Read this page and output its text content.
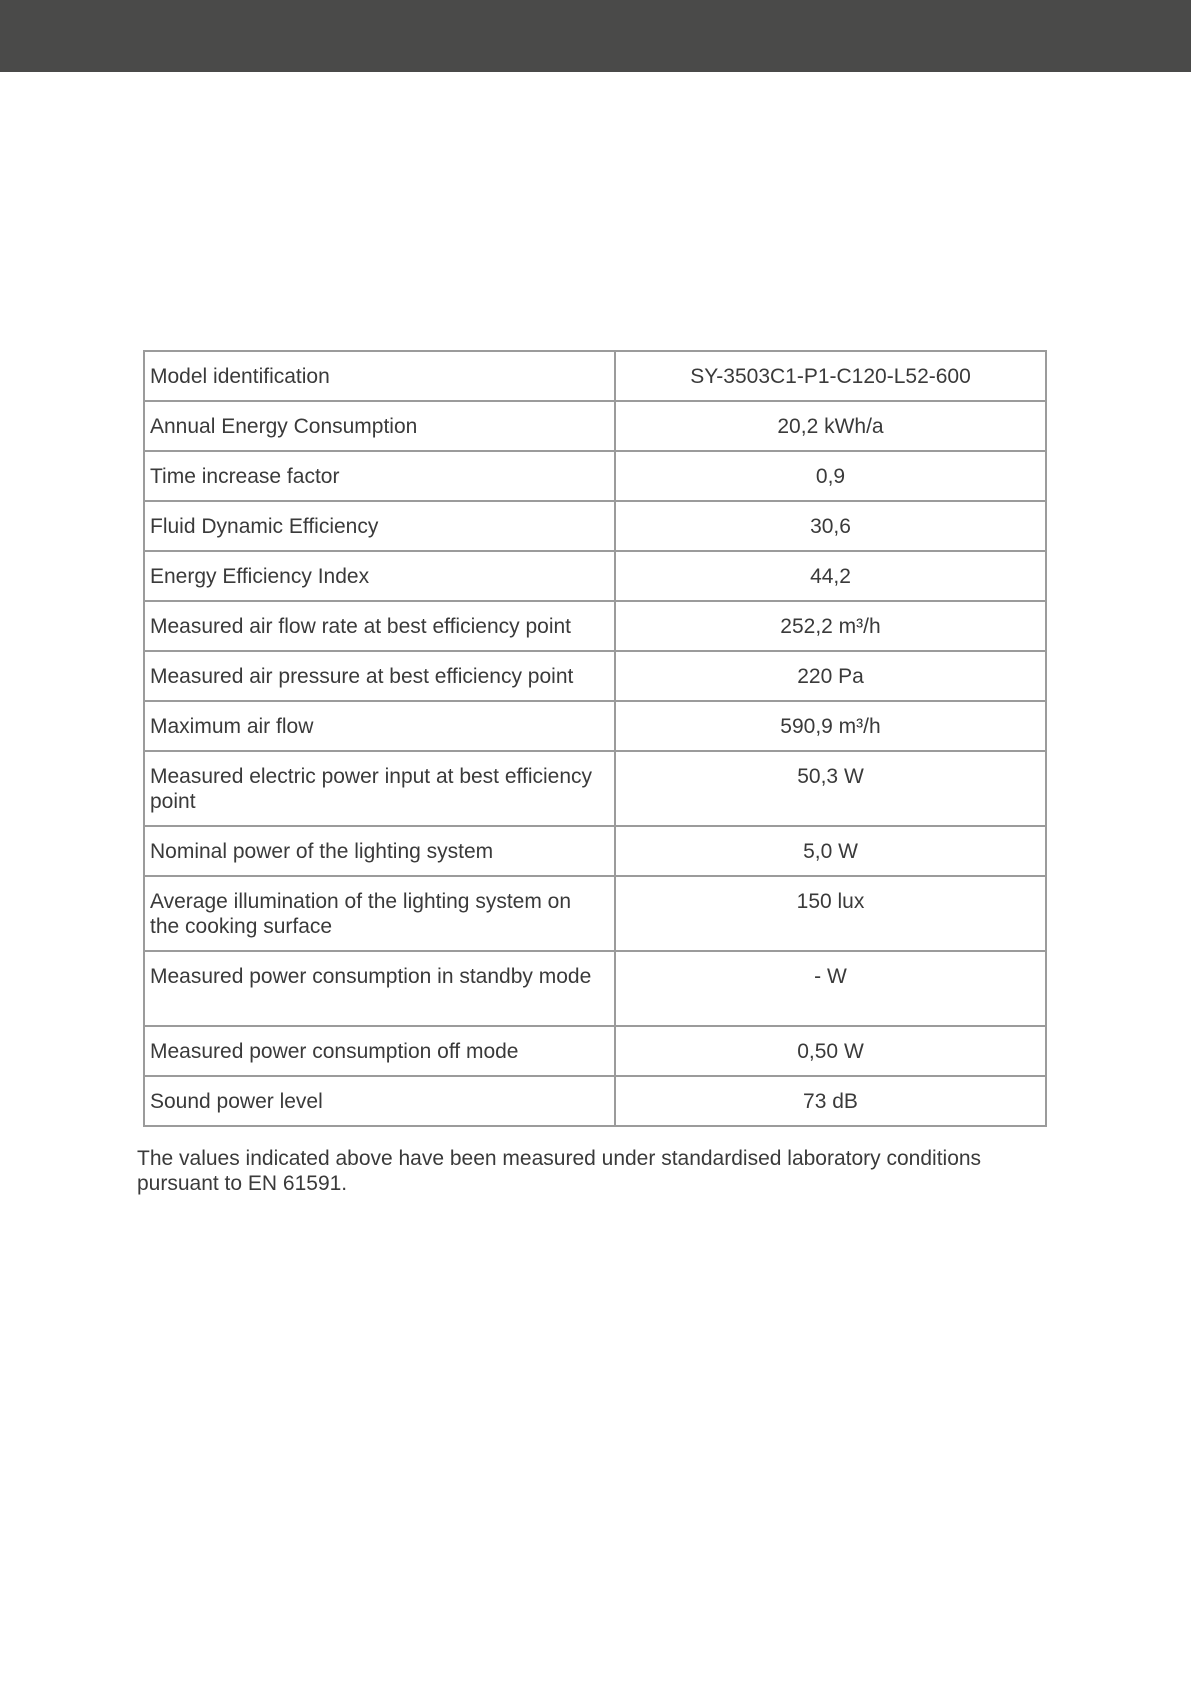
Model identification	SY-3503C1-P1-C120-L52-600
Annual Energy Consumption	20,2 kWh/a
Time increase factor	0,9
Fluid Dynamic Efficiency	30,6
Energy Efficiency Index	44,2
Measured air flow rate at best efficiency point	252,2 m³/h
Measured air pressure at best efficiency point	220 Pa
Maximum air flow	590,9 m³/h
Measured electric power input at best efficiency point	50,3 W
Nominal power of the lighting system	5,0 W
Average illumination of the lighting system on the cooking surface	150 lux
Measured power consumption in standby mode	- W
Measured power consumption off mode	0,50 W
Sound power level	73 dB

The values indicated above have been measured under standardised laboratory conditions pursuant to EN 61591.
